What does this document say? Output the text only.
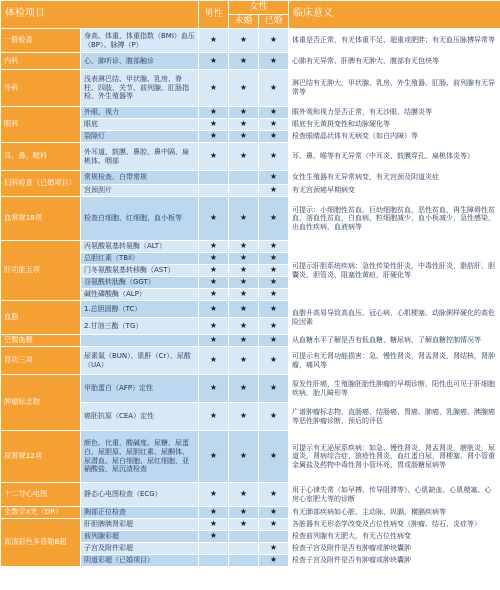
体检项目		男性	女性		临床意义
			未婚	已婚	
一般检查	身高、体重、体重指数（BMI）血压（BP）、脉搏（P）	★	★	★	体重是否正常，有无体重不足、超重或肥胖；有无血压脉搏异常等
内科	心、肺听诊、腹部触诊	★	★	★	心肺有无异常、肝脾有无肿大、腹部有无包块等
外科	浅表淋巴结、甲状腺、乳房、脊柱、四肢、关节、前列腺、肛肠指检、外生殖器等	★	★	★	淋巴结有无肿大，甲状腺、乳房、外生殖器、肛肠、前列腺有无异常等
眼科	外眼、视力	★	★	★	眼外观和视力是否正常，有无沙眼、结膜炎等
	眼底	★	★	★	眼底有无黄斑变性和动脉硬化等
	裂隙灯	★	★	★	检查眼睛晶状体有无病变（如白内障）等
耳、鼻、喉科	外耳道、鼓膜、鼻腔、鼻中隔、扁桃体、咽部	★	★	★	耳、鼻、喉等有无异常（中耳炎、鼓膜穿孔、扁桃体炎等）
妇科检查（已婚项目）	常规检查、白带常规			★	女性生殖器有无异常病变，有无宫颈及阴道炎症
	宫颈刮片			★	有无宫颈癌早期病变
血常规18项	检查白细胞、红细胞、血小板等	★	★	★	可提示：小细胞性贫血，巨幼细胞贫血，恶性贫血，再生障碍性贫血，溶血性贫血，白血病，粒细胞减少，血小板减少，急性感染，出血性疾病，血液病等
肝功能五项	丙氨酸氨基转氨酶（ALT）	★	★	★	可提示肝胆系统疾病：急性传染性肝炎，中毒性肝炎，脂肪肝，胆囊炎，胆管炎，阻塞性黄疸，肝硬化等
	总胆红素（TBil）	★	★	★	
	门冬氨酸氨基转移酶（AST）	★	★	★	
	谷氨酰转肽酶（GGT）	★	★	★	
	碱性磷酸酶（ALP）	★	★	★	
血脂	1.总胆固醇（TC）	★	★	★	血脂升高易导致高血压、冠心病、心肌梗塞、动脉粥样硬化的高危险因素
	2.甘油三酯（TG）	★	★	★	
空腹血糖		★	★	★	从血糖水平了解是否有低血糖、糖尿病，了解血糖控制情况等
肾功三项	尿素氮（BUN）、肌酐（Cr）、尿酸（UA）	★	★	★	可提示有无肾功能损害：急、慢性肾炎，肾盂肾炎，肾结核，肾肿瘤，痛风等
肿瘤标志物	甲胎蛋白（AFP）定性	★	★	★	原发性肝癌，生殖腺胚胎性肿瘤的早期诊断，阳性也可见于肝细胞疾病、胎儿畸形等
	癌胚抗原（CEA）定性	★	★	★	广谱肿瘤标志物，直肠癌、结肠癌、胃癌、肺癌、乳腺癌、胰腺癌等恶性肿瘤诊断，预后的评估
尿常规12项	颜色、比重、酸碱度、尿糖、尿蛋白、尿胆原、尿胆红素、尿酮体、尿潜血、尿白细胞、尿红细胞、亚硝酸盐、尿沉渣检查	★	★	★	可提示有无泌尿系疾病：如急、慢性肾炎，肾盂肾炎，膀胱炎，尿道炎，肾病综合症，狼疮性肾炎，血红蛋白尿，肾梗塞、肾小管重金属盐及药物中毒性肾小管坏死，胃或肠糖尿病等
十二导心电图	静态心电图检查（ECG）	★	★	★	用于心律失常（如早搏、传导阻滞等）、心肌缺血、心肌梗塞、心房心室肥大等的诊断
全数字X光（DR）	胸部正位检查	★	★	★	有无肺部疾病如心脏、主动脉、纵膈、横膈疾病等
高清彩色多普勒B超	肝胆脾胰肾彩超	★	★	★	各脏器有无形态学改变及占位性病变（肿瘤、结石、炎症等）
	前列腺彩超	★			检查前列腺有无肥大，有无占位性病变
	子宫及附件彩超			★	检查子宫及附件是否有肿瘤或肿块囊肿
	阴道彩超（已婚项目）			★	检查子宫及附件是否有肿瘤或肿块囊肿
